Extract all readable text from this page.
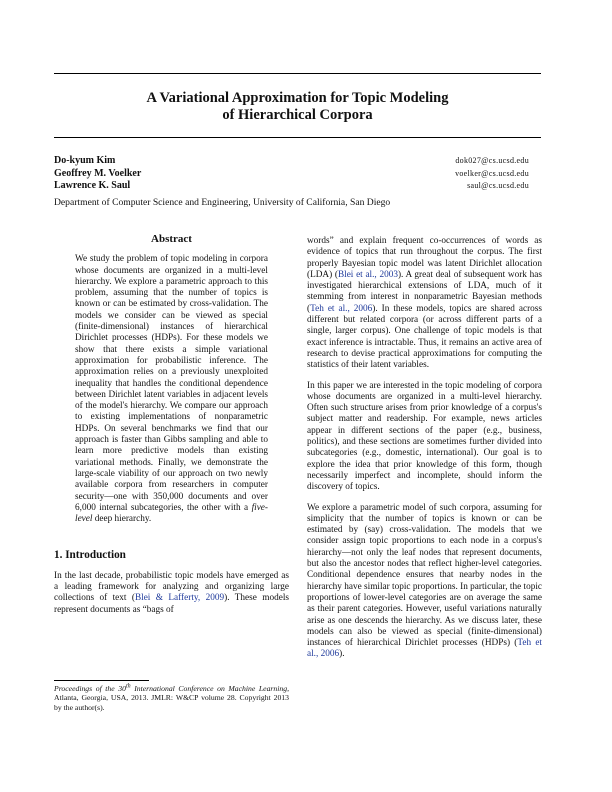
A Variational Approximation for Topic Modeling
of Hierarchical Corpora
Do-kyum Kim	dok027@cs.ucsd.edu
Geoffrey M. Voelker	voelker@cs.ucsd.edu
Lawrence K. Saul	saul@cs.ucsd.edu
Department of Computer Science and Engineering, University of California, San Diego
Abstract
We study the problem of topic modeling in corpora whose documents are organized in a multi-level hierarchy. We explore a parametric approach to this problem, assuming that the number of topics is known or can be estimated by cross-validation. The models we consider can be viewed as special (finite-dimensional) instances of hierarchical Dirichlet processes (HDPs). For these models we show that there exists a simple variational approximation for probabilistic inference. The approximation relies on a previously unexploited inequality that handles the conditional dependence between Dirichlet latent variables in adjacent levels of the model's hierarchy. We compare our approach to existing implementations of nonparametric HDPs. On several benchmarks we find that our approach is faster than Gibbs sampling and able to learn more predictive models than existing variational methods. Finally, we demonstrate the large-scale viability of our approach on two newly available corpora from researchers in computer security—one with 350,000 documents and over 6,000 internal subcategories, the other with a five-level deep hierarchy.
1. Introduction
In the last decade, probabilistic topic models have emerged as a leading framework for analyzing and organizing large collections of text (Blei & Lafferty, 2009). These models represent documents as “bags of
Proceedings of the 30th International Conference on Machine Learning, Atlanta, Georgia, USA, 2013. JMLR: W&CP volume 28. Copyright 2013 by the author(s).
words” and explain frequent co-occurrences of words as evidence of topics that run throughout the corpus. The first properly Bayesian topic model was latent Dirichlet allocation (LDA) (Blei et al., 2003). A great deal of subsequent work has investigated hierarchical extensions of LDA, much of it stemming from interest in nonparametric Bayesian methods (Teh et al., 2006). In these models, topics are shared across different but related corpora (or across different parts of a single, larger corpus). One challenge of topic models is that exact inference is intractable. Thus, it remains an active area of research to devise practical approximations for computing the statistics of their latent variables.
In this paper we are interested in the topic modeling of corpora whose documents are organized in a multi-level hierarchy. Often such structure arises from prior knowledge of a corpus's subject matter and readership. For example, news articles appear in different sections of the paper (e.g., business, politics), and these sections are sometimes further divided into subcategories (e.g., domestic, international). Our goal is to explore the idea that prior knowledge of this form, though necessarily imperfect and incomplete, should inform the discovery of topics.
We explore a parametric model of such corpora, assuming for simplicity that the number of topics is known or can be estimated by (say) cross-validation. The models that we consider assign topic proportions to each node in a corpus's hierarchy—not only the leaf nodes that represent documents, but also the ancestor nodes that reflect higher-level categories. Conditional dependence ensures that nearby nodes in the hierarchy have similar topic proportions. In particular, the topic proportions of lower-level categories are on average the same as their parent categories. However, useful variations naturally arise as one descends the hierarchy. As we discuss later, these models can also be viewed as special (finite-dimensional) instances of hierarchical Dirichlet processes (HDPs) (Teh et al., 2006).
